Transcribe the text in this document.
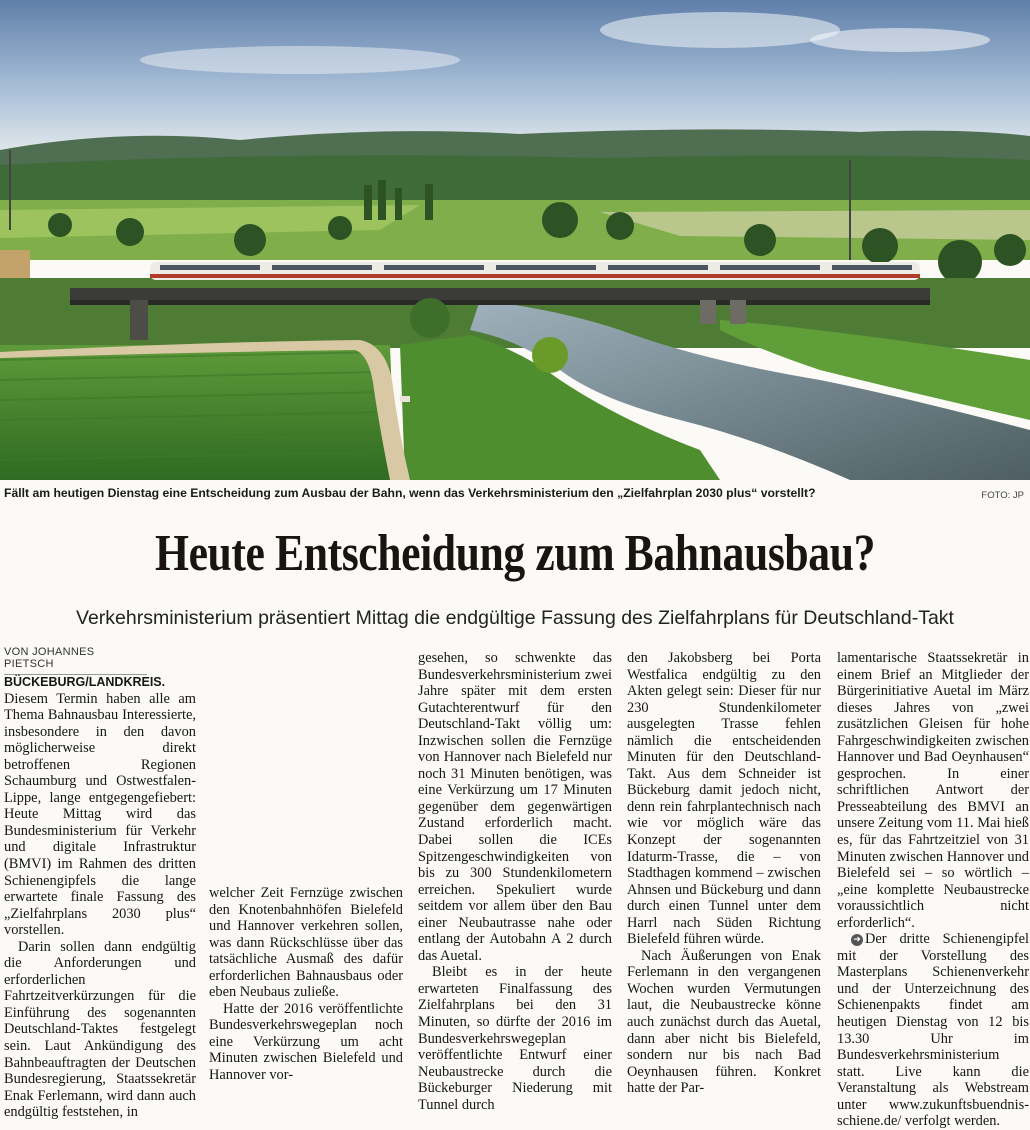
Fällt am heutigen Dienstag eine Entscheidung zum Ausbau der Bahn, wenn das Verkehrsministerium den „Zielfahrplan 2030 plus“ vorstellt?	FOTO: JP
Heute Entscheidung zum Bahnausbau?
Verkehrsministerium präsentiert Mittag die endgültige Fassung des Zielfahrplans für Deutschland-Takt
VON JOHANNES PIETSCH

BÜCKEBURG/LANDKREIS. Diesem Termin haben alle am Thema Bahnausbau Interessierte, insbesondere in den davon möglicherweise direkt betroffenen Regionen Schaumburg und Ostwestfalen-Lippe, lange entgegengefiebert: Heute Mittag wird das Bundesministerium für Verkehr und digitale Infrastruktur (BMVI) im Rahmen des dritten Schienengipfels die lange erwartete finale Fassung des „Zielfahrplans 2030 plus“ vorstellen.

Darin sollen dann endgültig die Anforderungen und erforderlichen Fahrtzeitverkürzungen für die Einführung des sogenannten Deutschland-Taktes festgelegt sein. Laut Ankündigung des Bahnbeauftragten der Deutschen Bundesregierung, Staatssekretär Enak Ferlemann, wird dann auch endgültig feststehen, in

welcher Zeit Fernzüge zwischen den Knotenbahnhöfen Bielefeld und Hannover verkehren sollen, was dann Rückschlüsse über das tatsächliche Ausmaß des dafür erforderlichen Bahnausbaus oder eben Neubaus zuließe.

Hatte der 2016 veröffentlichte Bundesverkehrswegeplan noch eine Verkürzung um acht Minuten zwischen Bielefeld und Hannover vor-

gesehen, so schwenkte das Bundesverkehrsministerium zwei Jahre später mit dem ersten Gutachterentwurf für den Deutschland-Takt völlig um: Inzwischen sollen die Fernzüge von Hannover nach Bielefeld nur noch 31 Minuten benötigen, was eine Verkürzung um 17 Minuten gegenüber dem gegenwärtigen Zustand erforderlich macht. Dabei sollen die ICEs Spitzengeschwindigkeiten von bis zu 300 Stundenkilometern erreichen. Spekuliert wurde seitdem vor allem über den Bau einer Neubautrasse nahe oder entlang der Autobahn A 2 durch das Auetal.

Bleibt es in der heute erwarteten Finalfassung des Zielfahrplans bei den 31 Minuten, so dürfte der 2016 im Bundesverkehrswegeplan veröffentlichte Entwurf einer Neubaustrecke durch die Bückeburger Niederung mit Tunnel durch

den Jakobsberg bei Porta Westfalica endgültig zu den Akten gelegt sein: Dieser für nur 230 Stundenkilometer ausgelegten Trasse fehlen nämlich die entscheidenden Minuten für den Deutschland-Takt. Aus dem Schneider ist Bückeburg damit jedoch nicht, denn rein fahrplantechnisch nach wie vor möglich wäre das Konzept der sogenannten Idaturm-Trasse, die – von Stadthagen kommend – zwischen Ahnsen und Bückeburg und dann durch einen Tunnel unter dem Harrl nach Süden Richtung Bielefeld führen würde.

Nach Äußerungen von Enak Ferlemann in den vergangenen Wochen wurden Vermutungen laut, die Neubaustrecke könne auch zunächst durch das Auetal, dann aber nicht bis Bielefeld, sondern nur bis nach Bad Oeynhausen führen. Konkret hatte der Par-

lamentarische Staatssekretär in einem Brief an Mitglieder der Bürgerinitiative Auetal im März dieses Jahres von „zwei zusätzlichen Gleisen für hohe Fahrgeschwindigkeiten zwischen Hannover und Bad Oeynhausen“ gesprochen. In einer schriftlichen Antwort der Presseabteilung des BMVI an unsere Zeitung vom 11. Mai hieß es, für das Fahrtzeitziel von 31 Minuten zwischen Hannover und Bielefeld sei – so wörtlich – „eine komplette Neubaustrecke voraussichtlich nicht erforderlich“.

➜ Der dritte Schienengipfel mit der Vorstellung des Masterplans Schienenverkehr und der Unterzeichnung des Schienenpakts findet am heutigen Dienstag von 12 bis 13.30 Uhr im Bundesverkehrsministerium statt. Live kann die Veranstaltung als Webstream unter www.zukunftsbuendnis-schiene.de/ verfolgt werden.
